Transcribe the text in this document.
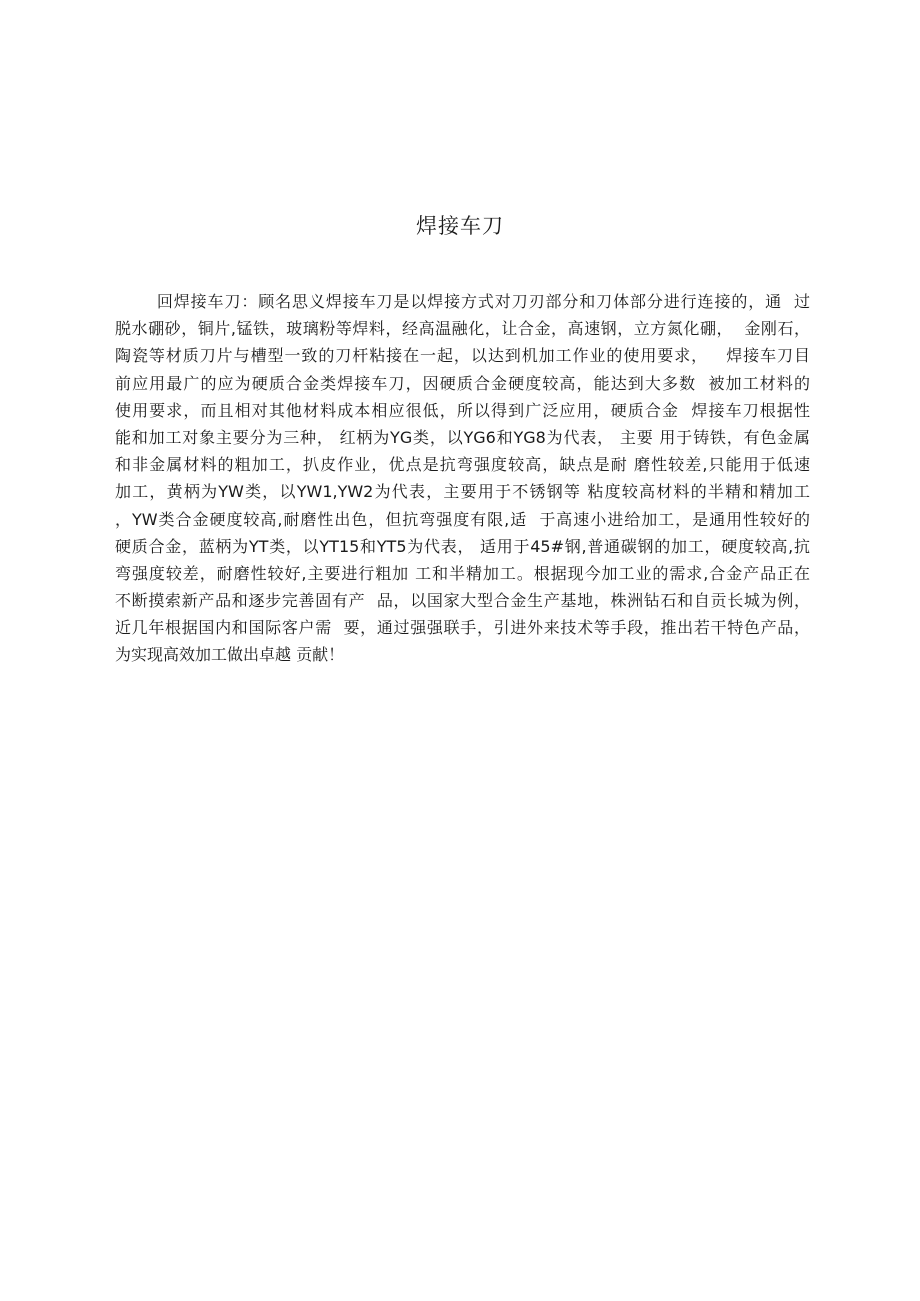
焊接车刀
回焊接车刀：顾名思义焊接车刀是以焊接方式对刀刃部分和刀体部分进行连接的，通  过
脱水硼砂，铜片,锰铁，玻璃粉等焊料，经高温融化，让合金，高速钢，立方氮化硼，  金刚石，
陶瓷等材质刀片与槽型一致的刀杆粘接在一起，以达到机加工作业的使用要求，   焊接车刀目
前应用最广的应为硬质合金类焊接车刀，因硬质合金硬度较高，能达到大多数  被加工材料的
使用要求，而且相对其他材料成本相应很低，所以得到广泛应用，硬质合金  焊接车刀根据性
能和加工对象主要分为三种， 红柄为YG类，以YG6和YG8为代表， 主要 用于铸铁，有色金属
和非金属材料的粗加工，扒皮作业，优点是抗弯强度较高，缺点是耐 磨性较差,只能用于低速
加工，黄柄为YW类，以YW1,YW2为代表，主要用于不锈钢等 粘度较高材料的半精和精加工
，YW类合金硬度较高,耐磨性出色，但抗弯强度有限,适  于高速小进给加工，是通用性较好的
硬质合金，蓝柄为YT类，以YT15和YT5为代表， 适用于45#钢,普通碳钢的加工，硬度较高,抗
弯强度较差，耐磨性较好,主要进行粗加 工和半精加工。根据现今加工业的需求,合金产品正在
不断摸索新产品和逐步完善固有产  品，以国家大型合金生产基地，株洲钻石和自贡长城为例，
近几年根据国内和国际客户需  要，通过强强联手，引进外来技术等手段，推出若干特色产品，
为实现高效加工做出卓越 贡献！
